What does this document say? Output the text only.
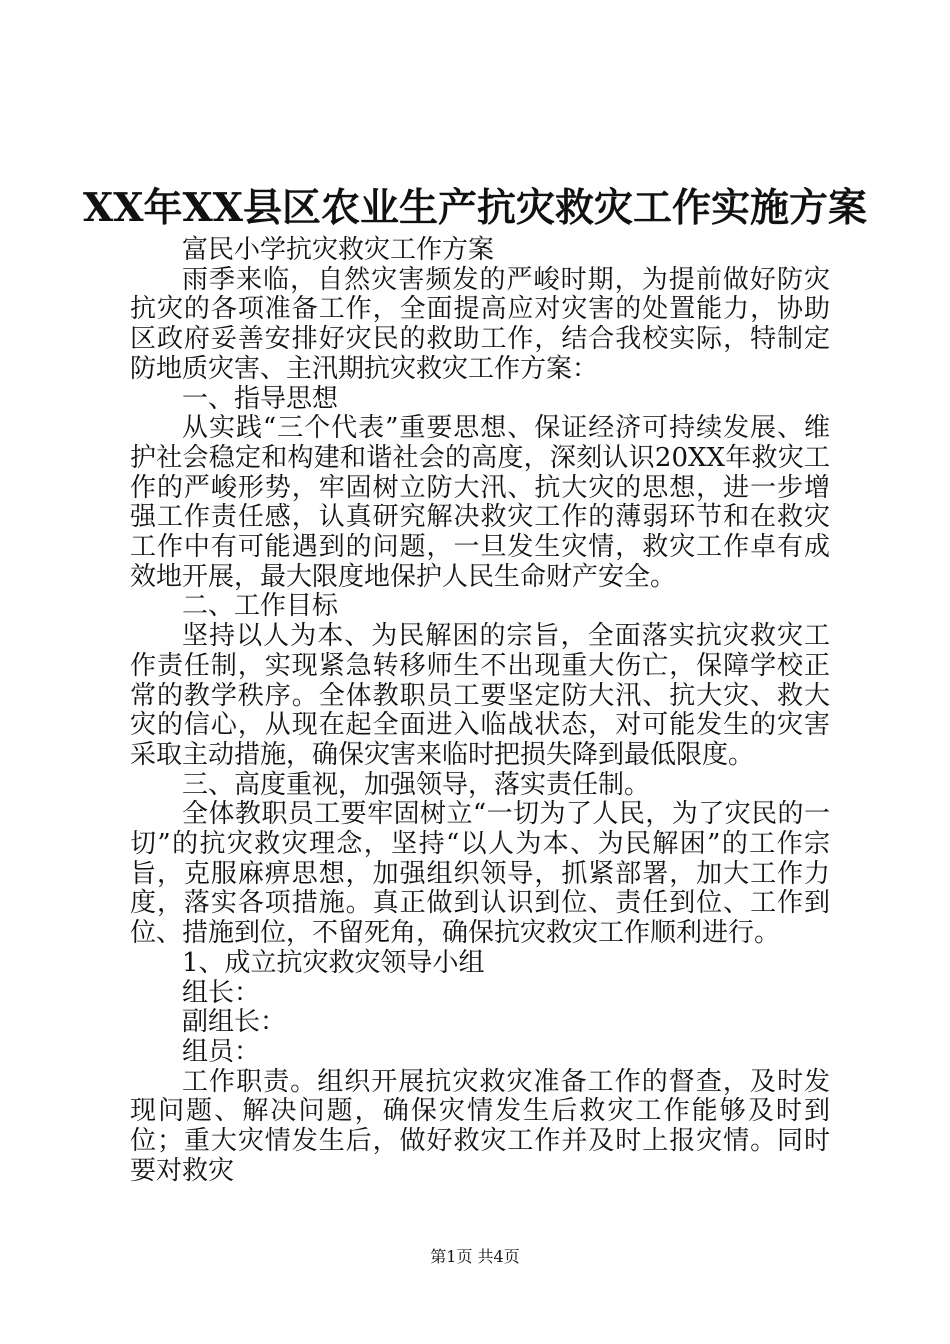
XX年XX县区农业生产抗灾救灾工作实施方案

富民小学抗灾救灾工作方案

雨季来临，自然灾害频发的严峻时期，为提前做好防灾抗灾的各项准备工作，全面提高应对灾害的处置能力，协助区政府妥善安排好灾民的救助工作，结合我校实际，特制定防地质灾害、主汛期抗灾救灾工作方案：

一、指导思想

从实践“三个代表”重要思想、保证经济可持续发展、维护社会稳定和构建和谐社会的高度，深刻认识20XX年救灾工作的严峻形势，牢固树立防大汛、抗大灾的思想，进一步增强工作责任感，认真研究解决救灾工作的薄弱环节和在救灾工作中有可能遇到的问题，一旦发生灾情，救灾工作卓有成效地开展，最大限度地保护人民生命财产安全。

二、工作目标

坚持以人为本、为民解困的宗旨，全面落实抗灾救灾工作责任制，实现紧急转移师生不出现重大伤亡，保障学校正常的教学秩序。全体教职员工要坚定防大汛、抗大灾、救大灾的信心，从现在起全面进入临战状态，对可能发生的灾害采取主动措施，确保灾害来临时把损失降到最低限度。

三、高度重视，加强领导，落实责任制。

全体教职员工要牢固树立“一切为了人民，为了灾民的一切”的抗灾救灾理念，坚持“以人为本、为民解困”的工作宗旨，克服麻痹思想，加强组织领导，抓紧部署，加大工作力度，落实各项措施。真正做到认识到位、责任到位、工作到位、措施到位，不留死角，确保抗灾救灾工作顺利进行。

1、成立抗灾救灾领导小组

组长：

副组长：

组员：

工作职责。组织开展抗灾救灾准备工作的督查，及时发现问题、解决问题，确保灾情发生后救灾工作能够及时到位；重大灾情发生后，做好救灾工作并及时上报灾情。同时要对救灾

第1页 共4页
